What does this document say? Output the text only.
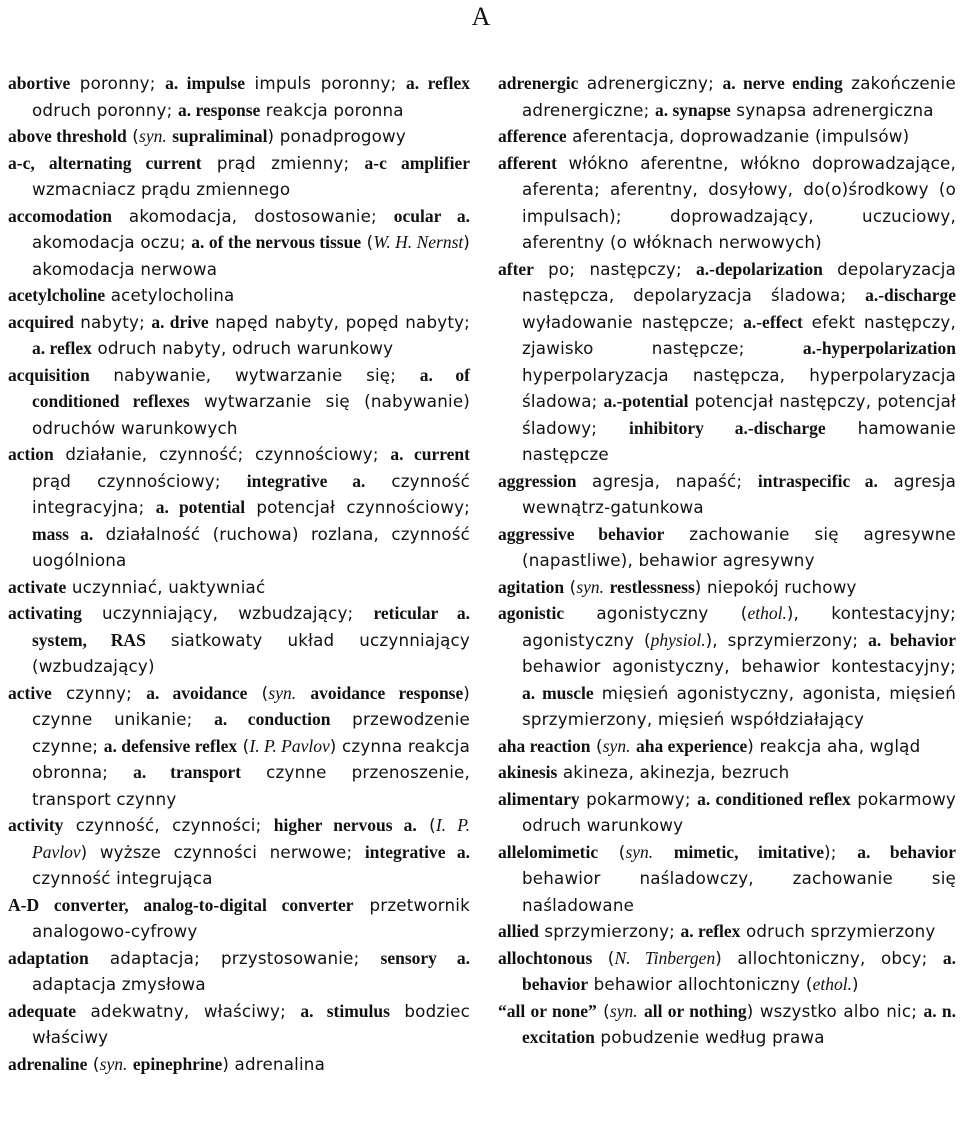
A

abortive poronny; a. impulse impuls poronny; a. reflex odruch poronny; a. response reakcja poronna

above threshold (syn. supraliminal) ponadprogowy

a-c, alternating current prąd zmienny; a-c amplifier wzmacniacz prądu zmiennego

accomodation akomodacja, dostosowanie; ocular a. akomodacja oczu; a. of the nervous tissue (W. H. Nernst) akomodacja nerwowa

acetylcholine acetylocholina

acquired nabyty; a. drive napęd nabyty, popęd nabyty; a. reflex odruch nabyty, odruch warunkowy

acquisition nabywanie, wytwarzanie się; a. of conditioned reflexes wytwarzanie się (nabywanie) odruchów warunkowych

action działanie, czynność; czynnościowy; a. current prąd czynnościowy; integrative a. czynność integracyjna; a. potential potencjał czynnościowy; mass a. działalność (ruchowa) rozlana, czynność uogólniona

activate uczynniać, uaktywniać

activating uczynniający, wzbudzający; reticular a. system, RAS siatkowaty układ uczynniający (wzbudzający)

active czynny; a. avoidance (syn. avoidance response) czynne unikanie; a. conduction przewodzenie czynne; a. defensive reflex (I. P. Pavlov) czynna reakcja obronna; a. transport czynne przenoszenie, transport czynny

activity czynność, czynności; higher nervous a. (I. P. Pavlov) wyższe czynności nerwowe; integrative a. czynność integrująca

A-D converter, analog-to-digital converter przetwornik analogowo-cyfrowy

adaptation adaptacja; przystosowanie; sensory a. adaptacja zmysłowa

adequate adekwatny, właściwy; a. stimulus bodziec właściwy

adrenaline (syn. epinephrine) adrenalina

adrenergic adrenergiczny; a. nerve ending zakończenie adrenergiczne; a. synapse synapsa adrenergiczna

afference aferentacja, doprowadzanie (impulsów)

afferent włókno aferentne, włókno doprowadzające, aferenta; aferentny, dosyłowy, do(o)środkowy (o impulsach); doprowadzający, uczuciowy, aferentny (o włóknach nerwowych)

after po; następczy; a.-depolarization depolaryzacja następcza, depolaryzacja śladowa; a.-discharge wyładowanie następcze; a.-effect efekt następczy, zjawisko następcze; a.-hyperpolarization hyperpolaryzacja następcza, hyperpolaryzacja śladowa; a.-potential potencjał następczy, potencjał śladowy; inhibitory a.-discharge hamowanie następcze

aggression agresja, napaść; intraspecific a. agresja wewnątrz-gatunkowa

aggressive behavior zachowanie się agresywne (napastliwe), behawior agresywny

agitation (syn. restlessness) niepokój ruchowy

agonistic agonistyczny (ethol.), kontestacyjny; agonistyczny (physiol.), sprzymierzony; a. behavior behawior agonistyczny, behawior kontestacyjny; a. muscle mięsień agonistyczny, agonista, mięsień sprzymierzony, mięsień współdziałający

aha reaction (syn. aha experience) reakcja aha, wgląd

akinesis akineza, akinezja, bezruch

alimentary pokarmowy; a. conditioned reflex pokarmowy odruch warunkowy

allelomimetic (syn. mimetic, imitative); a. behavior behawior naśladowczy, zachowanie się naśladowane

allied sprzymierzony; a. reflex odruch sprzymierzony

allochtonous (N. Tinbergen) allochtoniczny, obcy; a. behavior behawior allochtoniczny (ethol.)

“all or none” (syn. all or nothing) wszystko albo nic; a. n. excitation pobudzenie według prawa
